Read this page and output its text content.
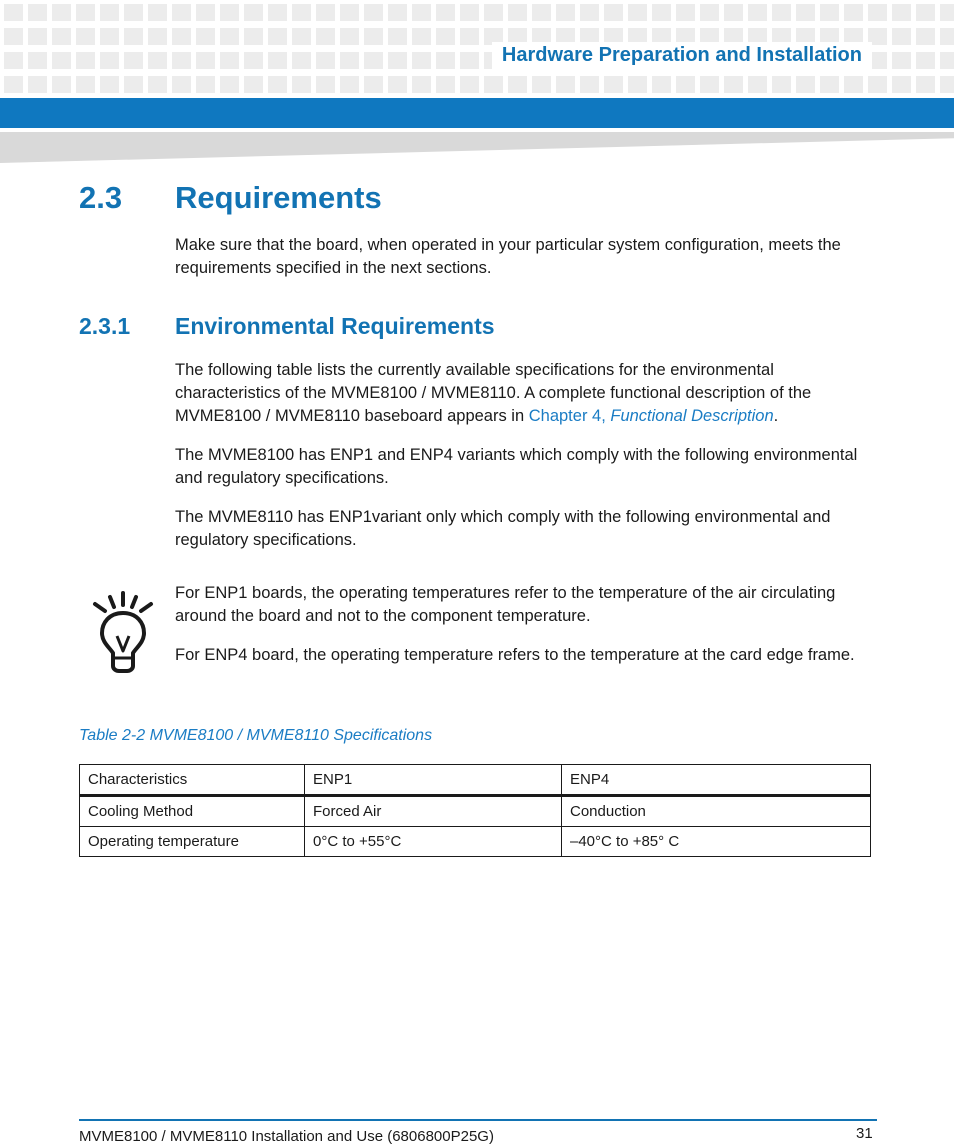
Hardware Preparation and Installation
2.3 Requirements

Make sure that the board, when operated in your particular system configuration, meets the requirements specified in the next sections.

2.3.1 Environmental Requirements

The following table lists the currently available specifications for the environmental characteristics of the MVME8100 / MVME8110. A complete functional description of the MVME8100 / MVME8110 baseboard appears in Chapter 4, Functional Description.

The MVME8100 has ENP1 and ENP4 variants which comply with the following environmental and regulatory specifications.

The MVME8110 has ENP1variant only which comply with the following environmental and regulatory specifications.

For ENP1 boards, the operating temperatures refer to the temperature of the air circulating around the board and not to the component temperature.

For ENP4 board, the operating temperature refers to the temperature at the card edge frame.

Table 2-2 MVME8100 / MVME8110 Specifications
Characteristics	ENP1	ENP4
Cooling Method	Forced Air	Conduction
Operating temperature	0°C to +55°C	–40°C to +85° C
MVME8100 / MVME8110 Installation and Use (6806800P25G)	31
